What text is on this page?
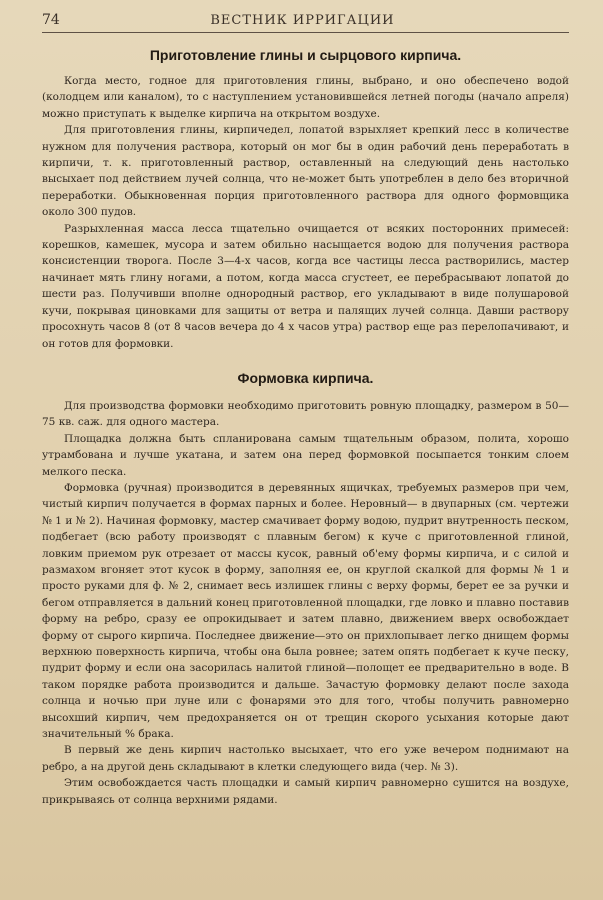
74	ВЕСТНИК ИРРИГАЦИИ
Приготовление глины и сырцового кирпича.

Когда место, годное для приготовления глины, выбрано, и оно обеспечено водой (колодцем или каналом), то с наступлением установившейся летней погоды (начало апреля) можно приступать к выделке кирпича на открытом воздухе.

Для приготовления глины, кирпичедел, лопатой взрыхляет крепкий лесс в количестве нужном для получения раствора, который он мог бы в один рабочий день переработать в кирпичи, т. к. приготовленный раствор, оставленный на следующий день настолько высыхает под действием лучей солнца, что не-может быть употреблен в дело без вторичной переработки. Обыкновенная порция приготовленного раствора для одного формовщика около 300 пудов.

Разрыхленная масса лесса тщательно очищается от всяких посторонних примесей: корешков, камешек, мусора и затем обильно насыщается водою для получения раствора консистенции творога. После 3—4-х часов, когда все частицы лесса растворились, мастер начинает мять глину ногами, а потом, когда масса сгустеет, ее перебрасывают лопатой до шести раз. Получивши вполне однородный раствор, его укладывают в виде полушаровой кучи, покрывая циновками для защиты от ветра и палящих лучей солнца. Давши раствору просохнуть часов 8 (от 8 часов вечера до 4 х часов утра) раствор еще раз перелопачивают, и он готов для формовки.

Формовка кирпича.

Для производства формовки необходимо приготовить ровную площадку, размером в 50—75 кв. саж. для одного мастера.

Площадка должна быть спланирована самым тщательным образом, полита, хорошо утрамбована и лучше укатана, и затем она перед формовкой посыпается тонким слоем мелкого песка.

Формовка (ручная) производится в деревянных ящичках, требуемых размеров при чем, чистый кирпич получается в формах парных и более. Неровный— в двупарных (см. чертежи № 1 и № 2). Начиная формовку, мастер смачивает форму водою, пудрит внутренность песком, подбегает (всю работу производят с плавным бегом) к куче с приготовленной глиной, ловким приемом рук отрезает от массы кусок, равный об'ему формы кирпича, и с силой и размахом вгоняет этот кусок в форму, заполняя ее, он круглой скалкой для формы № 1 и просто руками для ф. № 2, снимает весь излишек глины с верху формы, берет ее за ручки и бегом отправляется в дальний конец приготовленной площадки, где ловко и плавно поставив форму на ребро, сразу ее опрокидывает и затем плавно, движением вверх освобождает форму от сырого кирпича. Последнее движение—это он прихлопывает легко днищем формы верхнюю поверхность кирпича, чтобы она была ровнее; затем опять подбегает к куче песку, пудрит форму и если она засорилась налитой глиной—полощет ее предварительно в воде. В таком порядке работа производится и дальше. Зачастую формовку делают после захода солнца и ночью при луне или с фонарями это для того, чтобы получить равномерно высохший кирпич, чем предохраняется он от трещин скорого усыхания которые дают значительный % брака.

В первый же день кирпич настолько высыхает, что его уже вечером поднимают на ребро, а на другой день складывают в клетки следующего вида (чер. № 3).

Этим освобождается часть площадки и самый кирпич равномерно сушится на воздухе, прикрываясь от солнца верхними рядами.
